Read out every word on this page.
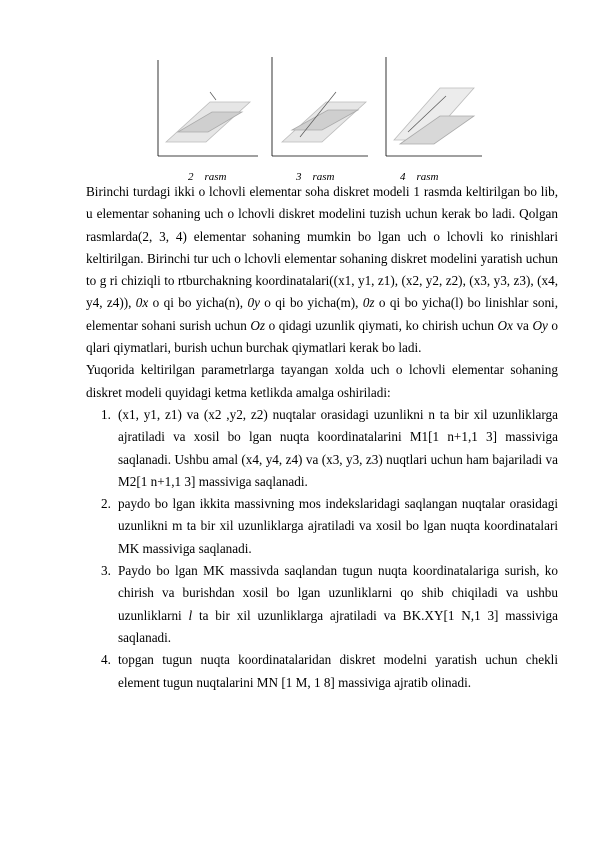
2    rasm	3    rasm	4    rasm

Birinchi turdagi ikki o lchovli elementar soha diskret modeli 1 rasmda keltirilgan bo lib, u elementar sohaning uch o lchovli diskret modelini tuzish uchun kerak bo ladi. Qolgan rasmlarda(2, 3, 4) elementar sohaning mumkin bo lgan uch o lchovli ko rinishlari keltirilgan. Birinchi tur uch o lchovli elementar sohaning diskret modelini yaratish uchun to g ri chiziqli to rtburchakning koordinatalari((x1, y1, z1), (x2, y2, z2), (x3, y3, z3), (x4, y4, z4)), 0x o qi bo yicha(n), 0y o qi bo yicha(m), 0z o qi bo yicha(l) bo linishlar soni, elementar sohani surish uchun Oz o qidagi uzunlik qiymati, ko chirish uchun Ox va Oy o qlari qiymatlari, burish uchun burchak qiymatlari kerak bo ladi.

Yuqorida keltirilgan parametrlarga tayangan xolda uch o lchovli elementar sohaning diskret modeli quyidagi ketma ketlikda amalga oshiriladi:

1. (x1, y1, z1) va (x2 ,y2, z2) nuqtalar orasidagi uzunlikni n ta bir xil uzunliklarga ajratiladi va xosil bo lgan nuqta koordinatalarini M1[1 n+1,1 3] massiviga saqlanadi. Ushbu amal (x4, y4, z4) va (x3, y3, z3) nuqtlari uchun ham bajariladi va M2[1 n+1,1 3] massiviga saqlanadi.
2. paydo bo lgan ikkita massivning mos indekslaridagi saqlangan nuqtalar orasidagi uzunlikni m ta bir xil uzunliklarga ajratiladi va xosil bo lgan nuqta koordinatalari MK massiviga saqlanadi.
3. Paydo bo lgan MK massivda saqlandan tugun nuqta koordinatalariga surish, ko chirish va burishdan xosil bo lgan uzunliklarni qo shib chiqiladi va ushbu uzunliklarni l ta bir xil uzunliklarga ajratiladi va BK.XY[1 N,1 3] massiviga saqlanadi.
4. topgan tugun nuqta koordinatalaridan diskret modelni yaratish uchun chekli element tugun nuqtalarini MN [1 M, 1 8] massiviga ajratib olinadi.
